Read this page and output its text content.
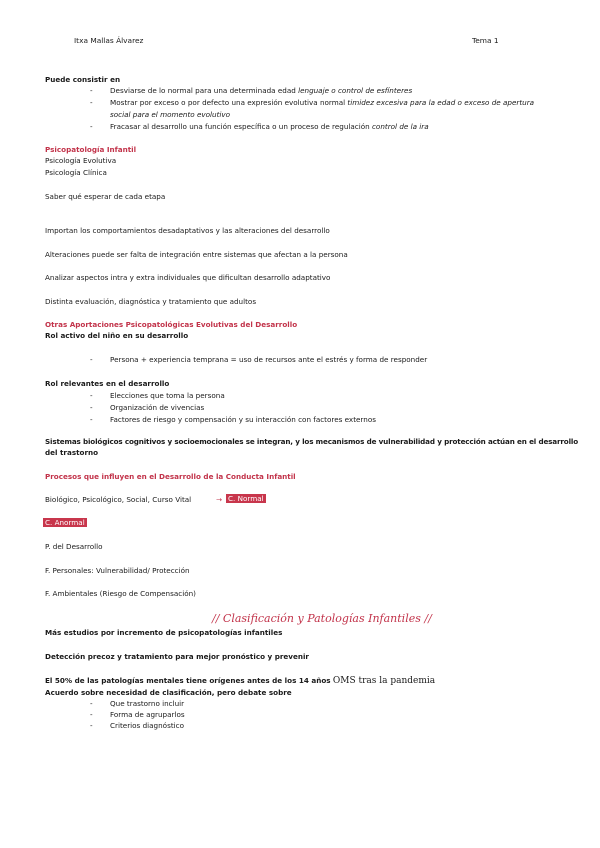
Itxa Mallas Álvarez	Tema 1
Puede consistir en
- Desviarse de lo normal para una determinada edad lenguaje o control de esfínteres
- Mostrar por exceso o por defecto una expresión evolutiva normal timidez excesiva para la edad o exceso de apertura
social para el momento evolutivo
- Fracasar al desarrollo una función específica o un proceso de regulación control de la ira
Psicopatología Infantil
Psicología Evolutiva
Psicología Clínica
Saber qué esperar de cada etapa
Importan los comportamientos desadaptativos y las alteraciones del desarrollo
Alteraciones puede ser falta de integración entre sistemas que afectan a la persona
Analizar aspectos intra y extra individuales que dificultan desarrollo adaptativo
Distinta evaluación, diagnóstica y tratamiento que adultos
Otras Aportaciones Psicopatológicas Evolutivas del Desarrollo
Rol activo del niño en su desarrollo
- Persona + experiencia temprana = uso de recursos ante el estrés y forma de responder
Rol relevantes en el desarrollo
- Elecciones que toma la persona
- Organización de vivencias
- Factores de riesgo y compensación y su interacción con factores externos
Sistemas biológicos cognitivos y socioemocionales se integran, y los mecanismos de vulnerabilidad y protección actúan en el desarrollo
del trastorno
Procesos que influyen en el Desarrollo de la Conducta Infantil
Biológico, Psicológico, Social, Curso Vital	→ C. Normal
C. Anormal
P. del Desarrollo
F. Personales: Vulnerabilidad/ Protección
F. Ambientales (Riesgo de Compensación)
// Clasificación y Patologías Infantiles //
Más estudios por incremento de psicopatologías infantiles
Detección precoz y tratamiento para mejor pronóstico y prevenir
El 50% de las patologías mentales tiene orígenes antes de los 14 años OMS tras la pandemia
Acuerdo sobre necesidad de clasificación, pero debate sobre
- Que trastorno incluir
- Forma de agruparlos
- Criterios diagnóstico
